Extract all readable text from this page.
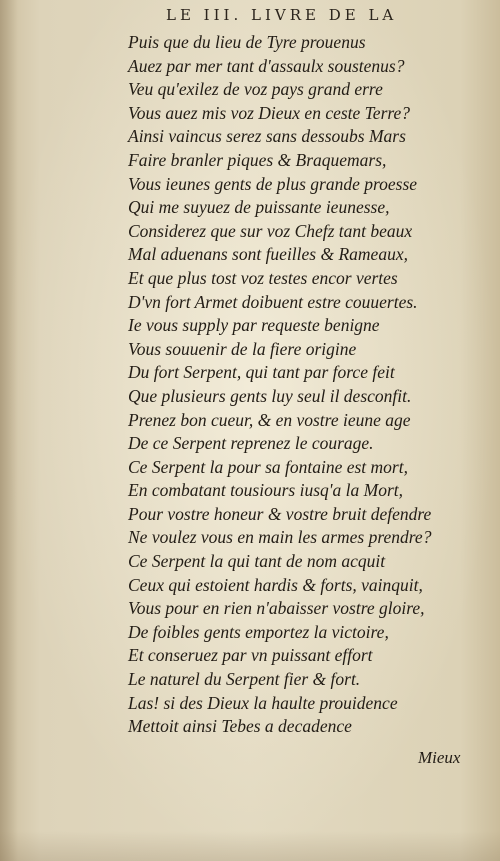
LE III. LIVRE DE LA
Puis que du lieu de Tyre prouenus
Auez par mer tant d'assaulx soustenus?
Veu qu'exilez de voz pays grand erre
Vous auez mis voz Dieux en ceste Terre?
Ainsi vaincus serez sans dessoubs Mars
Faire branler piques & Braquemars,
Vous ieunes gents de plus grande proesse
Qui me suyuez de puissante ieunesse,
Considerez que sur voz Chefz tant beaux
Mal aduenans sont fueilles & Rameaux,
Et que plus tost voz testes encor vertes
D'vn fort Armet doibuent estre couuertes.
Ie vous supply par requeste benigne
Vous souuenir de la fiere origine
Du fort Serpent, qui tant par force feit
Que plusieurs gents luy seul il desconfit.
Prenez bon cueur, & en vostre ieune age
De ce Serpent reprenez le courage.
Ce Serpent la pour sa fontaine est mort,
En combatant tousiours iusq'a la Mort,
Pour vostre honeur & vostre bruit defendre
Ne voulez vous en main les armes prendre?
Ce Serpent la qui tant de nom acquit
Ceux qui estoient hardis & forts, vainquit,
Vous pour en rien n'abaisser vostre gloire,
De foibles gents emportez la victoire,
Et conseruez par vn puissant effort
Le naturel du Serpent fier & fort.
Las! si des Dieux la haulte prouidence
Mettoit ainsi Tebes a decadence
Mieux
